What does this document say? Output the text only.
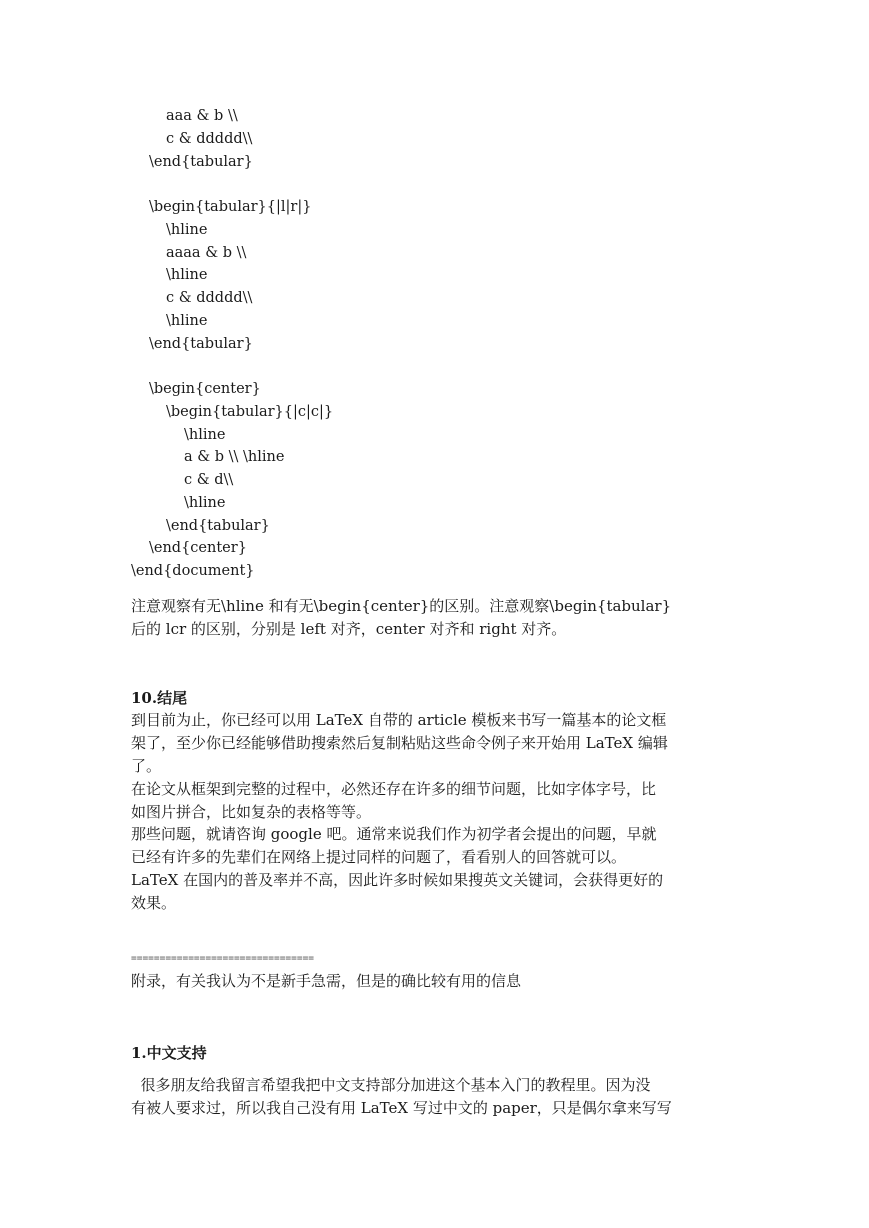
aaa & b \\
c & ddddd\\
\end{tabular}
\begin{tabular}{|l|r|}
\hline
aaaa & b \\
\hline
c & ddddd\\
\hline
\end{tabular}
\begin{center}
\begin{tabular}{|c|c|}
\hline
a & b \\ \hline
c & d\\
\hline
\end{tabular}
\end{center}
\end{document}
注意观察有无\hline 和有无\begin{center}的区别。注意观察\begin{tabular}
后的 lcr 的区别，分别是 left 对齐，center 对齐和 right 对齐。
10.结尾
到目前为止，你已经可以用 LaTeX 自带的 article 模板来书写一篇基本的论文框
架了，至少你已经能够借助搜索然后复制粘贴这些命令例子来开始用 LaTeX 编辑
了。
在论文从框架到完整的过程中，必然还存在许多的细节问题，比如字体字号，比
如图片拼合，比如复杂的表格等等。
那些问题，就请咨询 google 吧。通常来说我们作为初学者会提出的问题，早就
已经有许多的先辈们在网络上提过同样的问题了，看看别人的回答就可以。
LaTeX 在国内的普及率并不高，因此许多时候如果搜英文关键词，会获得更好的
效果。
================================
附录，有关我认为不是新手急需，但是的确比较有用的信息
1.中文支持
很多朋友给我留言希望我把中文支持部分加进这个基本入门的教程里。因为没
有被人要求过，所以我自己没有用 LaTeX 写过中文的 paper，只是偶尔拿来写写
